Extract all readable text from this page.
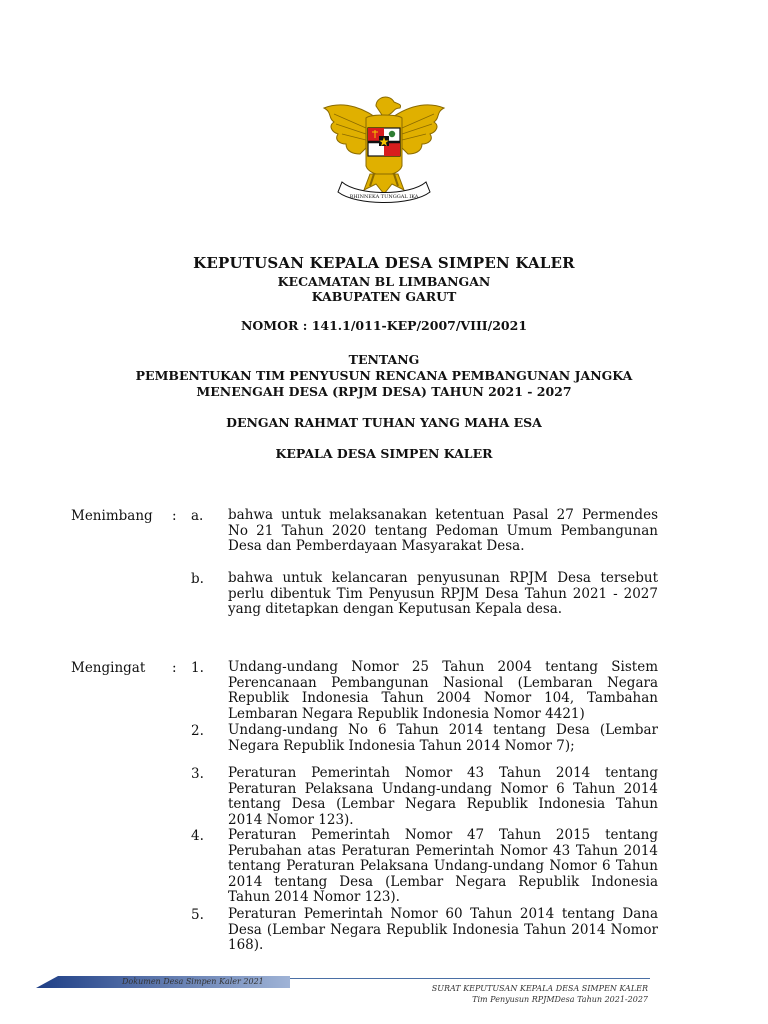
BHINNEKA TUNGGAL IKA

KEPUTUSAN KEPALA DESA SIMPEN KALER

KECAMATAN BL LIMBANGAN

KABUPATEN GARUT

NOMOR : 141.1/011-KEP/2007/VIII/2021

TENTANG

PEMBENTUKAN TIM PENYUSUN RENCANA PEMBANGUNAN JANGKA

MENENGAH DESA (RPJM DESA) TAHUN 2021 - 2027

DENGAN RAHMAT TUHAN YANG MAHA ESA

KEPALA DESA SIMPEN KALER

Menimbang : a. bahwa untuk melaksanakan ketentuan Pasal 27 Permendes No 21 Tahun 2020 tentang Pedoman Umum Pembangunan Desa dan Pemberdayaan Masyarakat Desa.

b. bahwa untuk kelancaran penyusunan RPJM Desa tersebut perlu dibentuk Tim Penyusun RPJM Desa Tahun 2021 - 2027 yang ditetapkan dengan Keputusan Kepala desa.

Mengingat : 1. Undang-undang Nomor 25 Tahun 2004 tentang Sistem Perencanaan Pembangunan Nasional (Lembaran Negara Republik Indonesia Tahun 2004 Nomor 104, Tambahan Lembaran Negara Republik Indonesia Nomor 4421)

2. Undang-undang No 6 Tahun 2014 tentang Desa (Lembar Negara Republik Indonesia Tahun 2014 Nomor 7);

3. Peraturan Pemerintah Nomor 43 Tahun 2014 tentang Peraturan Pelaksana Undang-undang Nomor 6 Tahun 2014 tentang Desa (Lembar Negara Republik Indonesia Tahun 2014 Nomor 123).

4. Peraturan Pemerintah Nomor 47 Tahun 2015 tentang Perubahan atas Peraturan Pemerintah Nomor 43 Tahun 2014 tentang Peraturan Pelaksana Undang-undang Nomor 6 Tahun 2014 tentang Desa (Lembar Negara Republik Indonesia Tahun 2014 Nomor 123).

5. Peraturan Pemerintah Nomor 60 Tahun 2014 tentang Dana Desa (Lembar Negara Republik Indonesia Tahun 2014 Nomor 168).

Dokumen Desa Simpen Kaler 2021
SURAT KEPUTUSAN KEPALA DESA SIMPEN KALER
Tim Penyusun RPJMDesa Tahun 2021-2027
